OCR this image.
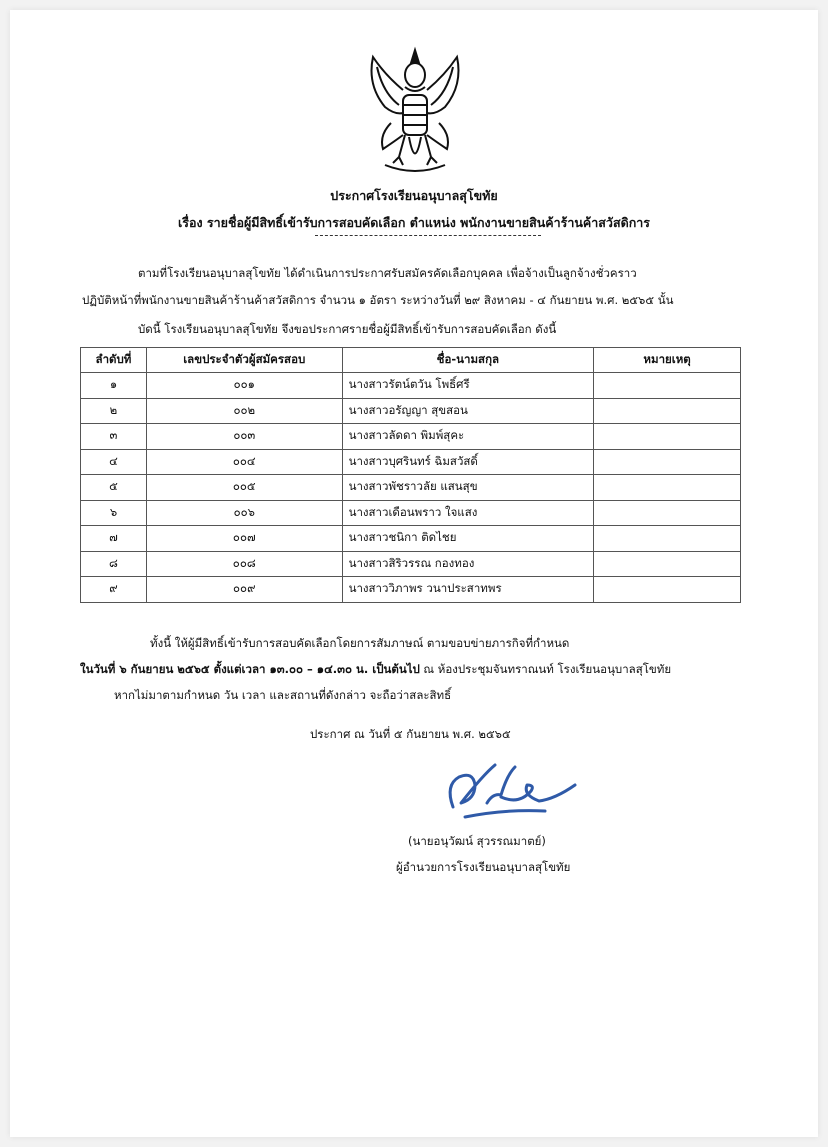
ประกาศโรงเรียนอนุบาลสุโขทัย
เรื่อง รายชื่อผู้มีสิทธิ์เข้ารับการสอบคัดเลือก ตำแหน่ง พนักงานขายสินค้าร้านค้าสวัสดิการ
ตามที่โรงเรียนอนุบาลสุโขทัย ได้ดำเนินการประกาศรับสมัครคัดเลือกบุคคล เพื่อจ้างเป็นลูกจ้างชั่วคราว
ปฏิบัติหน้าที่พนักงานขายสินค้าร้านค้าสวัสดิการ จำนวน ๑ อัตรา ระหว่างวันที่ ๒๙ สิงหาคม - ๔ กันยายน พ.ศ. ๒๕๖๕ นั้น
บัดนี้ โรงเรียนอนุบาลสุโขทัย จึงขอประกาศรายชื่อผู้มีสิทธิ์เข้ารับการสอบคัดเลือก ดังนี้
ลำดับที่	เลขประจำตัวผู้สมัครสอบ	ชื่อ-นามสกุล	หมายเหตุ
๑	๐๐๑	นางสาวรัตน์ตวัน โพธิ์ศรี	
๒	๐๐๒	นางสาวอรัญญา สุขสอน	
๓	๐๐๓	นางสาวลัดดา พิมพ์สุคะ	
๔	๐๐๔	นางสาวบุศรินทร์ ฉิมสวัสดิ์	
๕	๐๐๕	นางสาวพัชราวลัย แสนสุข	
๖	๐๐๖	นางสาวเดือนพราว ใจแสง	
๗	๐๐๗	นางสาวชนิกา ติดไชย	
๘	๐๐๘	นางสาวสิริวรรณ กองทอง	
๙	๐๐๙	นางสาววิภาพร วนาประสาทพร	
ทั้งนี้ ให้ผู้มีสิทธิ์เข้ารับการสอบคัดเลือกโดยการสัมภาษณ์ ตามขอบข่ายภารกิจที่กำหนด
ในวันที่ ๖ กันยายน ๒๕๖๕ ตั้งแต่เวลา ๑๓.๐๐ – ๑๔.๓๐ น. เป็นต้นไป ณ ห้องประชุมจันทราณนท์ โรงเรียนอนุบาลสุโขทัย
หากไม่มาตามกำหนด วัน เวลา และสถานที่ดังกล่าว จะถือว่าสละสิทธิ์
ประกาศ ณ วันที่ ๕ กันยายน พ.ศ. ๒๕๖๕
(นายอนุวัฒน์ สุวรรณมาตย์)
ผู้อำนวยการโรงเรียนอนุบาลสุโขทัย
